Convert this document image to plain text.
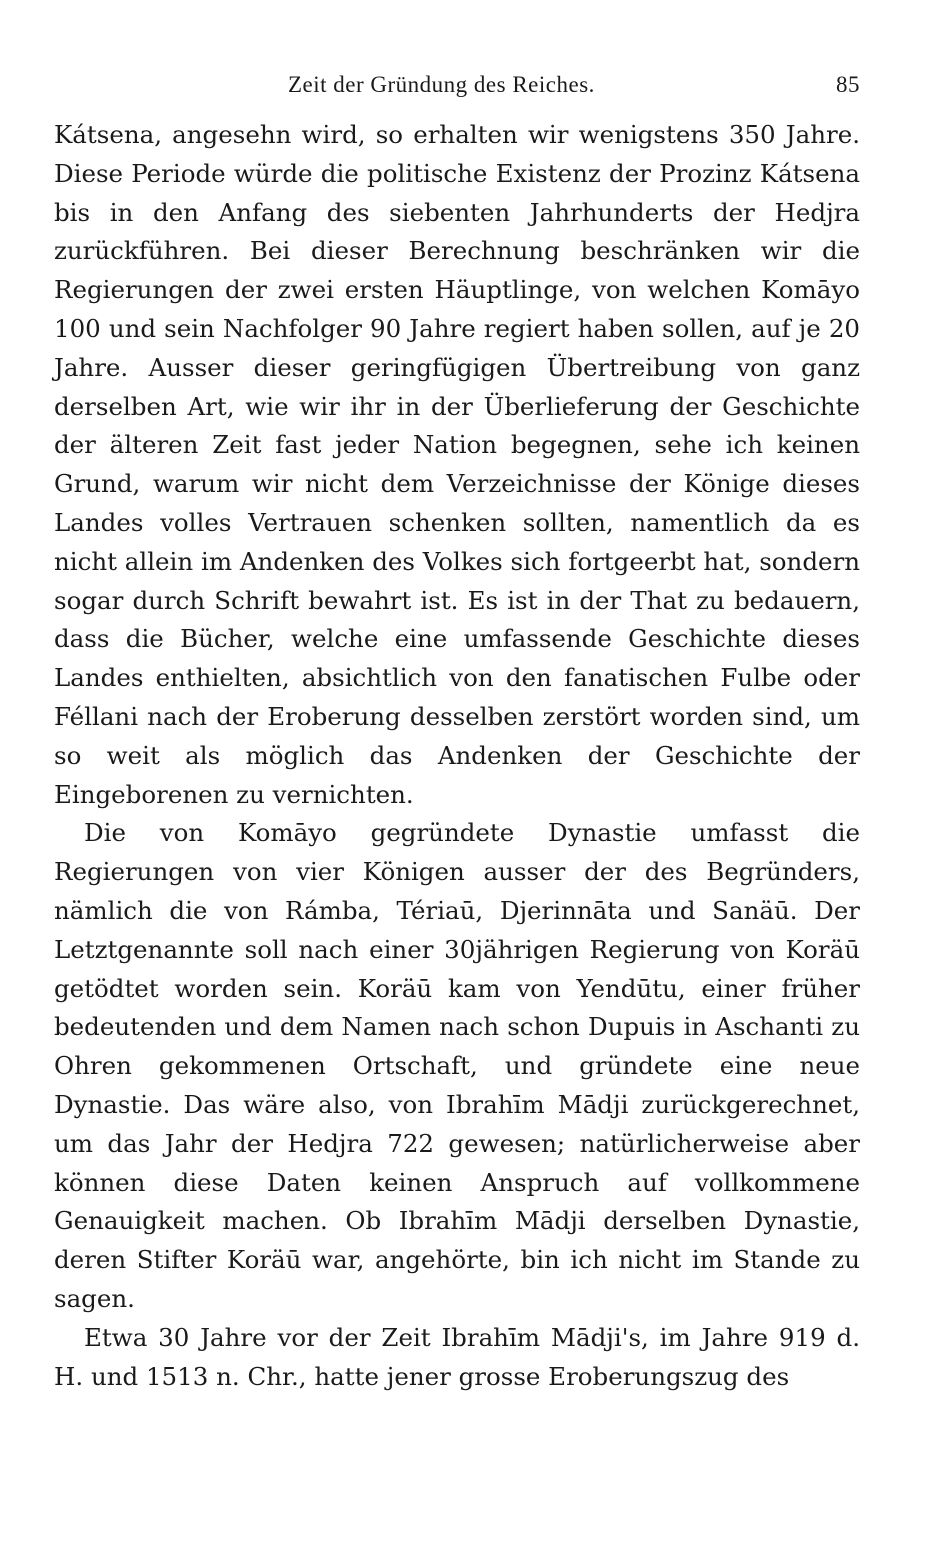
Zeit der Gründung des Reiches.	85

Kátsena, angesehn wird, so erhalten wir wenigstens 350 Jahre. Diese Periode würde die politische Existenz der Prozinz Kátsena bis in den Anfang des siebenten Jahrhunderts der Hedjra zurückführen. Bei dieser Berechnung beschränken wir die Regierungen der zwei ersten Häuptlinge, von welchen Komāyo 100 und sein Nachfolger 90 Jahre regiert haben sollen, auf je 20 Jahre. Ausser dieser geringfügigen Übertreibung von ganz derselben Art, wie wir ihr in der Überlieferung der Geschichte der älteren Zeit fast jeder Nation begegnen, sehe ich keinen Grund, warum wir nicht dem Verzeichnisse der Könige dieses Landes volles Vertrauen schenken sollten, namentlich da es nicht allein im Andenken des Volkes sich fortgeerbt hat, sondern sogar durch Schrift bewahrt ist. Es ist in der That zu bedauern, dass die Bücher, welche eine umfassende Geschichte dieses Landes enthielten, absichtlich von den fanatischen Fulbe oder Féllani nach der Eroberung desselben zerstört worden sind, um so weit als möglich das Andenken der Geschichte der Eingeborenen zu vernichten.

Die von Komāyo gegründete Dynastie umfasst die Regierungen von vier Königen ausser der des Begründers, nämlich die von Rámba, Tériaū, Djerinnāta und Sanäū. Der Letztgenannte soll nach einer 30jährigen Regierung von Koräū getödtet worden sein. Koräū kam von Yendūtu, einer früher bedeutenden und dem Namen nach schon Dupuis in Aschanti zu Ohren gekommenen Ortschaft, und gründete eine neue Dynastie. Das wäre also, von Ibrahīm Mādji zurückgerechnet, um das Jahr der Hedjra 722 gewesen; natürlicherweise aber können diese Daten keinen Anspruch auf vollkommene Genauigkeit machen. Ob Ibrahīm Mādji derselben Dynastie, deren Stifter Koräū war, angehörte, bin ich nicht im Stande zu sagen.

Etwa 30 Jahre vor der Zeit Ibrahīm Mādji's, im Jahre 919 d. H. und 1513 n. Chr., hatte jener grosse Eroberungszug des
